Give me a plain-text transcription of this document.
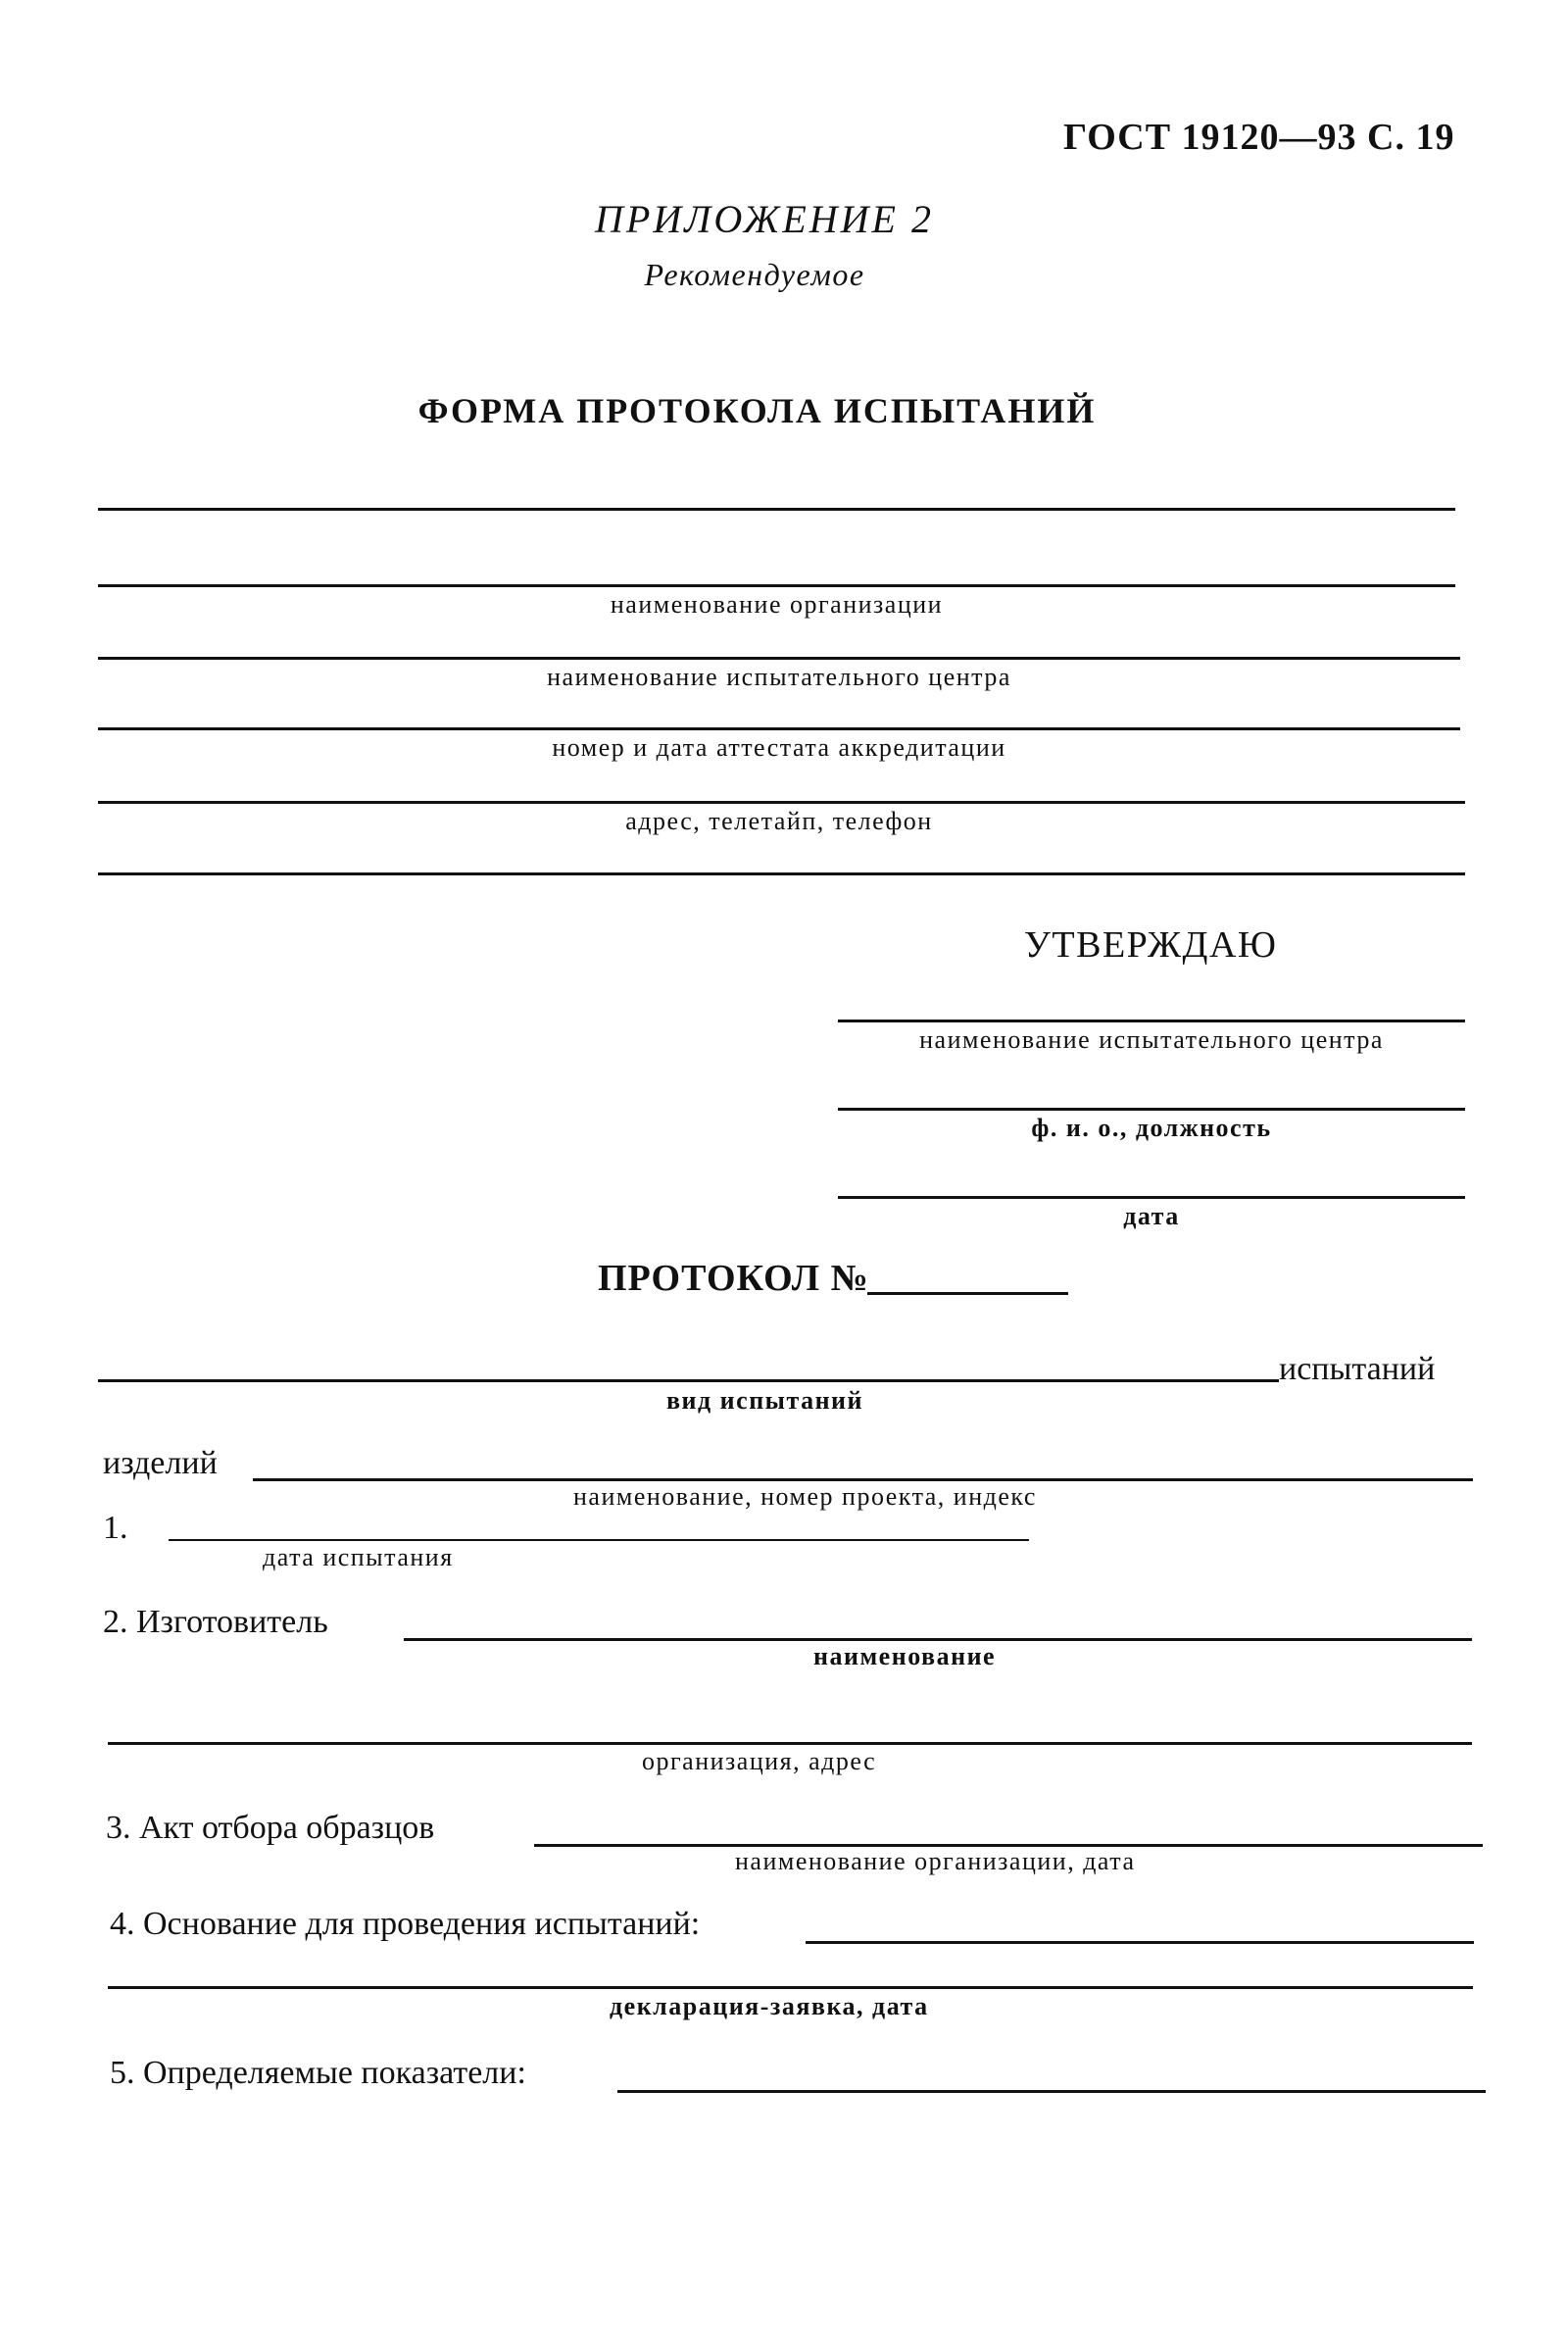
ГОСТ 19120—93 С. 19
ПРИЛОЖЕНИЕ 2
Рекомендуемое
ФОРМА ПРОТОКОЛА ИСПЫТАНИЙ
наименование организации
наименование испытательного центра
номер и дата аттестата аккредитации
адрес, телетайп, телефон
УТВЕРЖДАЮ
наименование испытательного центра
ф. и. о., должность
дата
ПРОТОКОЛ №
испытаний
вид испытаний
изделий
наименование, номер проекта, индекс
1.
дата испытания
2. Изготовитель
наименование
организация, адрес
3. Акт отбора образцов
наименование организации, дата
4. Основание для проведения испытаний:
декларация-заявка, дата
5. Определяемые показатели:
